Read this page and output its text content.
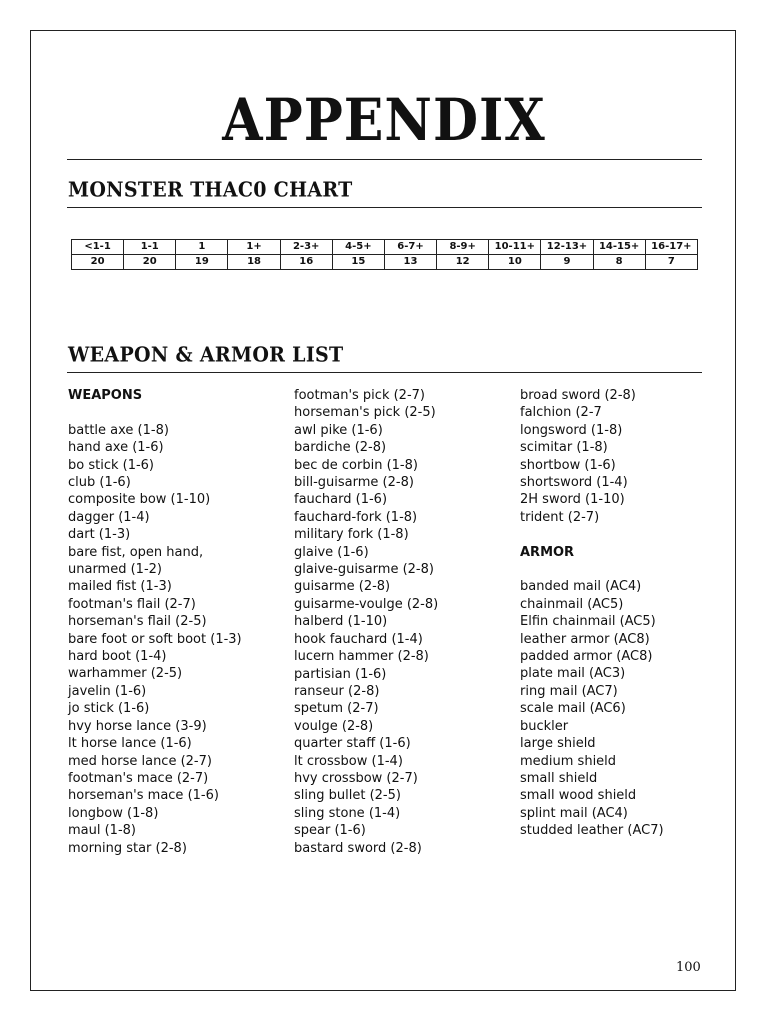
APPENDIX
MONSTER THAC0 CHART
<1-1	1-1	1	1+	2-3+	4-5+	6-7+	8-9+	10-11+	12-13+	14-15+	16-17+
20	20	19	18	16	15	13	12	10	9	8	7
WEAPON & ARMOR LIST
WEAPONS
battle axe (1-8)
hand axe (1-6)
bo stick (1-6)
club (1-6)
composite bow (1-10)
dagger (1-4)
dart (1-3)
bare fist, open hand,
unarmed (1-2)
mailed fist (1-3)
footman's flail (2-7)
horseman's flail (2-5)
bare foot or soft boot (1-3)
hard boot (1-4)
warhammer (2-5)
javelin (1-6)
jo stick (1-6)
hvy horse lance (3-9)
lt horse lance (1-6)
med horse lance (2-7)
footman's mace (2-7)
horseman's mace (1-6)
longbow (1-8)
maul (1-8)
morning star (2-8)
footman's pick (2-7)
horseman's pick (2-5)
awl pike (1-6)
bardiche (2-8)
bec de corbin (1-8)
bill-guisarme (2-8)
fauchard (1-6)
fauchard-fork (1-8)
military fork (1-8)
glaive (1-6)
glaive-guisarme (2-8)
guisarme (2-8)
guisarme-voulge (2-8)
halberd (1-10)
hook fauchard (1-4)
lucern hammer (2-8)
partisian (1-6)
ranseur (2-8)
spetum (2-7)
voulge (2-8)
quarter staff (1-6)
lt crossbow (1-4)
hvy crossbow (2-7)
sling bullet (2-5)
sling stone (1-4)
spear (1-6)
bastard sword (2-8)
broad sword (2-8)
falchion (2-7
longsword (1-8)
scimitar (1-8)
shortbow (1-6)
shortsword (1-4)
2H sword (1-10)
trident (2-7)
ARMOR
banded mail (AC4)
chainmail (AC5)
Elfin chainmail (AC5)
leather armor (AC8)
padded armor (AC8)
plate mail (AC3)
ring mail (AC7)
scale mail (AC6)
buckler
large shield
medium shield
small shield
small wood shield
splint mail (AC4)
studded leather (AC7)
100
